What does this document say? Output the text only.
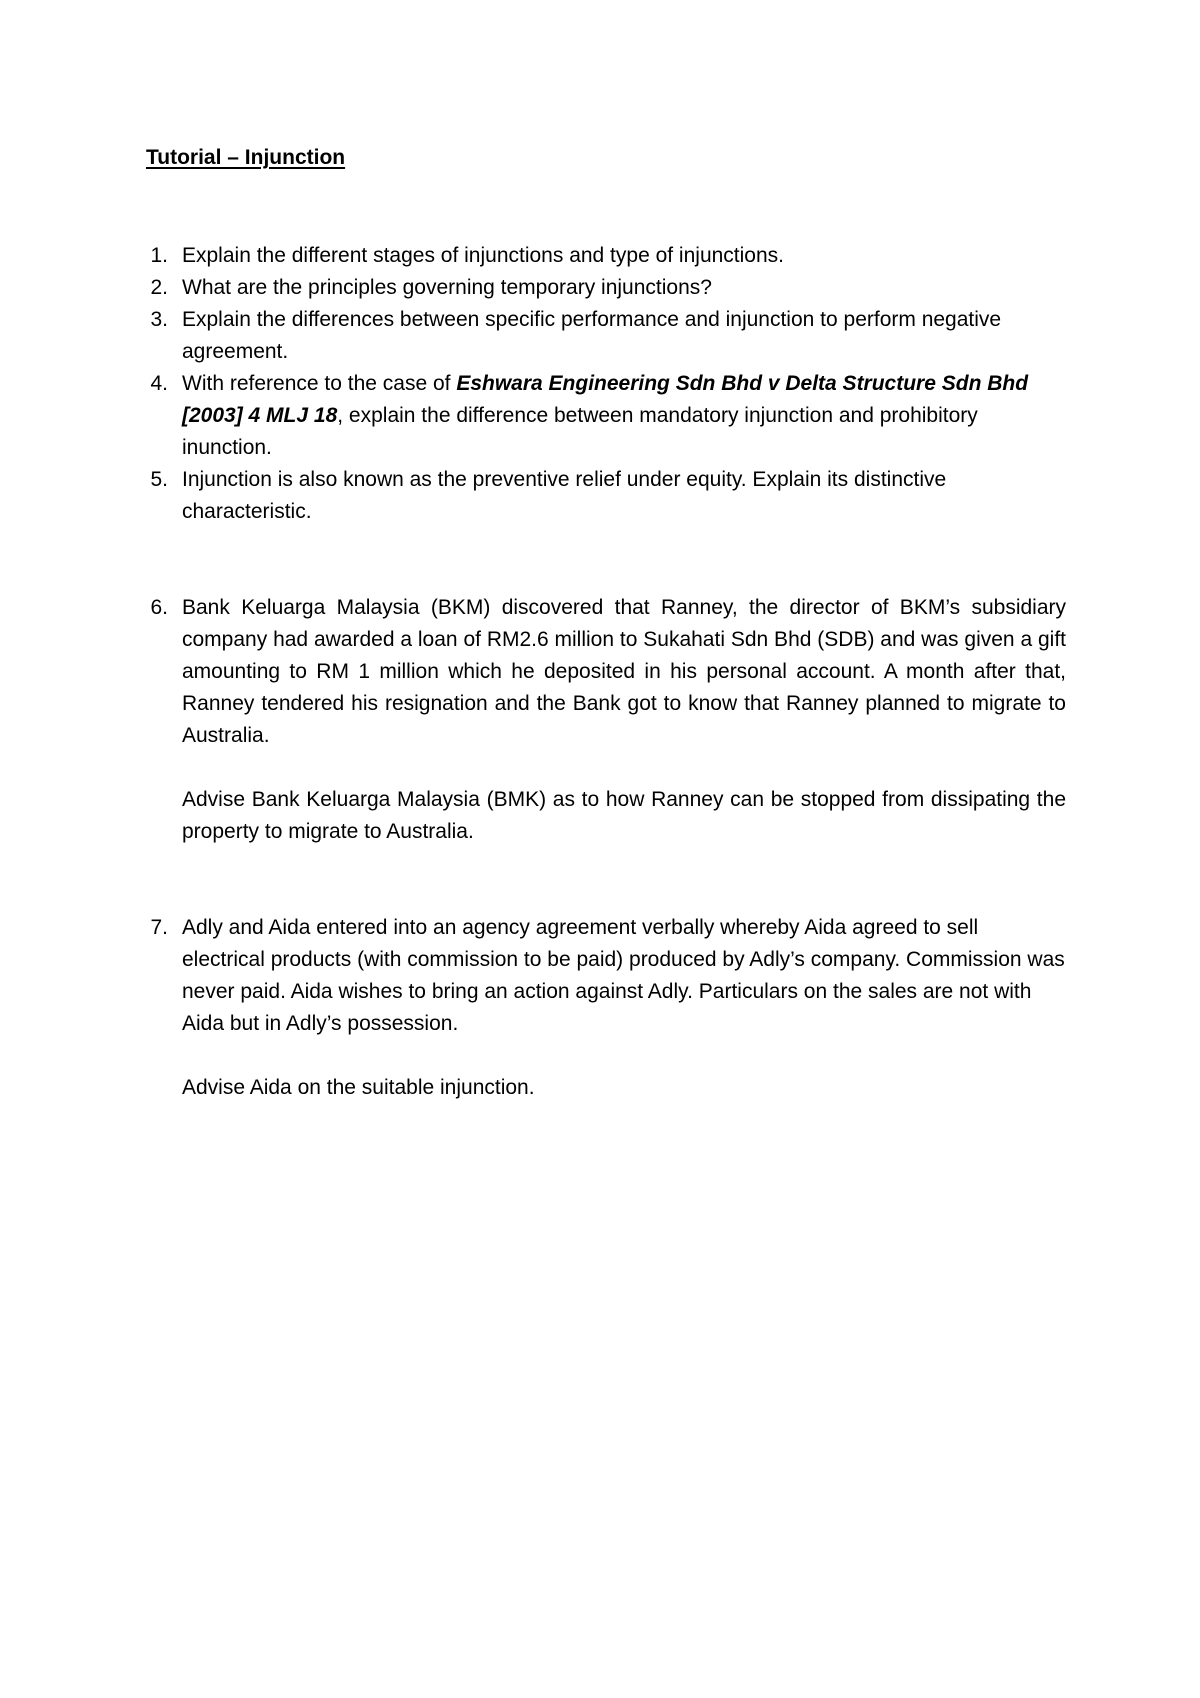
Tutorial – Injunction
1. Explain the different stages of injunctions and type of injunctions.
2. What are the principles governing temporary injunctions?
3. Explain the differences between specific performance and injunction to perform negative agreement.
4. With reference to the case of Eshwara Engineering Sdn Bhd v Delta Structure Sdn Bhd [2003] 4 MLJ 18, explain the difference between mandatory injunction and prohibitory inunction.
5. Injunction is also known as the preventive relief under equity. Explain its distinctive characteristic.
6. Bank Keluarga Malaysia (BKM) discovered that Ranney, the director of BKM’s subsidiary company had awarded a loan of RM2.6 million to Sukahati Sdn Bhd (SDB) and was given a gift amounting to RM 1 million which he deposited in his personal account. A month after that, Ranney tendered his resignation and the Bank got to know that Ranney planned to migrate to Australia.

Advise Bank Keluarga Malaysia (BMK) as to how Ranney can be stopped from dissipating the property to migrate to Australia.

7. Adly and Aida entered into an agency agreement verbally whereby Aida agreed to sell electrical products (with commission to be paid) produced by Adly’s company. Commission was never paid. Aida wishes to bring an action against Adly. Particulars on the sales are not with Aida but in Adly’s possession.

Advise Aida on the suitable injunction.
